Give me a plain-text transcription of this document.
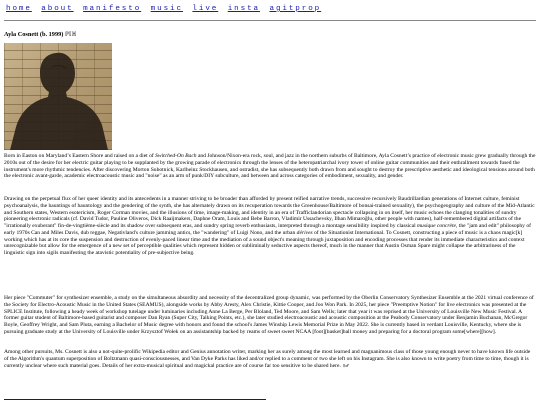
home about manifesto music live insta agitprop
Ayla Cosnett (b. 1999) ℙ𝕀ℍ

Born in Easton on Maryland’s Eastern Shore and raised on a diet of Switched-On Bach and Johnson/Nixon-era rock, soul, and jazz in the northern suburbs of Baltimore, Ayla Cosnett’s practice of electronic music grew gradually through the 2010s out of the desire for her electric guitar playing to be supplanted by the growing parade of electronics through the lenses of the heteropatriarchal ivory tower of online guitar communities and their enthrallment towards fused the instrument's more rhythmic tendencies. After discovering Morton Subotnick, Karlheinz Stockhausen, and ostradist, she has subsequently both drawn from and sought to destroy the prescriptive aesthetic and ideological tensions around both the electronic avant-garde, academic electroacoustic music and "noise" as an arm of punk/DIY subculture, and between and across categories of embodiment, sexuality, and gender.

Drawing on the perpetual flux of her queer identity and its antecedents in a manner striving to be broader than afforded by present reified narrative trends, successive recursively Baudrillardian generations of Internet culture, feminist psychoanalysis, the hauntings of hauntology and the gendering of the synth, she has alternately drawn on its recuperation towards the Greenhouse/Baltimore of bonsai-trained sexuality), the psychogeography and culture of the Mid-Atlantic and Southern states, Western esotericism, Roger Corman movies, and the illusions of time, image-making, and identity in an era of Trafficlandorian spectacle collapsing in on itself, her music echoes the clanging tonalities of sundry pioneering electronic radicals (cf. David Tudor, Pauline Oliveros, Dick Raaijmakers, Daphne Oram, Louis and Bebe Barron, Vladimir Ussachevsky, Ilhan Mimaroğlu, other people with names), half-remembered digital artifacts of the "irrationally exuberant" fin-de-vingtième-siècle and its shadow over subsequent eras, and sundry spring reverb enthusiasts, interpreted through a montage sensibility inspired by classical musique concrète, the "jam and edit" philosophy of early 1970s Can and Miles Davis, dub reggae, Negativland's culture jamming antics, the "wandering" of Luigi Nono, and the urban dérives of the Situationist International. To Cosnett, constructing a piece of music is a chaos magic[k] working which has at its core the suspension and destruction of evenly-paced linear time and the mediation of a sound object's meaning through juxtaposition and encoding processes that render its immediate characteristics and context unrecognizable but allow for the emergence of a new set of perceptible qualities which represent hidden or subliminally seductive aspects thereof, much in the manner that Austin Osman Spare might collapse the arbitrariness of the linguistic sign into sigils manifesting the atavistic potentiality of pre-subjective being.

Her piece "Commuter" for synthesizer ensemble, a study on the simultaneous absurdity and necessity of the decentralized group dynamic, was performed by the Oberlin Conservatory Synthesizer Ensemble at the 2021 virtual conference of the Society for Electro-Acoustic Music in the United States (SEAMUS), alongside works by Abby Aresty, Alex Christie, Kittie Cooper, and Joo Won Park. In 2025, her piece "Preemptive Notion" for live electronics was presented at the SPLICE Institute, following a heady week of workshop tutelage under luminaries including Anne La Berge, Per Bloland, Ted Moore, and Sam Wells; later that year it was reprised at the University of Louisville New Music Festival. A former guitar student of Baltimore-based guitarist and composer Dan Ryan (Super City, Talking Points, etc.), she later studied electroacoustic and acoustic composition at the Peabody Conservatory under Benjamin Buchanan, McGregor Boyle, Geoffrey Wright, and Sam Pluta, earning a Bachelor of Music degree with honors and found the school's James Winship Lewis Memorial Prize in May 2022. She is currently based in verdant Louisville, Kentucky, where she is pursuing graduate study at the University of Louisville under Krzysztof Wołek on an assistantship backed by reams of sweet sweet NCAA [foot][basket]ball money and preparing for a doctoral program some[where][how].

Among other pursuits, Ms. Cosnett is also a not-quite-prolific Wikipedia editor and Genius annotation writer, marking her as surely among the most learned and magnanimous class of those young enough never to have known life outside of the Algorithm's quantum superposition of Boltzmann quasi-consciousnesses, and Van Dyke Parks has liked and/or replied to a comment or two she left on his Instagram. She is also known to write poetry from time to time, though it is currently unclear where such material goes. Details of her extra-musical spiritual and magickal practice are of course far too sensitive to be shared here. ☿♂
